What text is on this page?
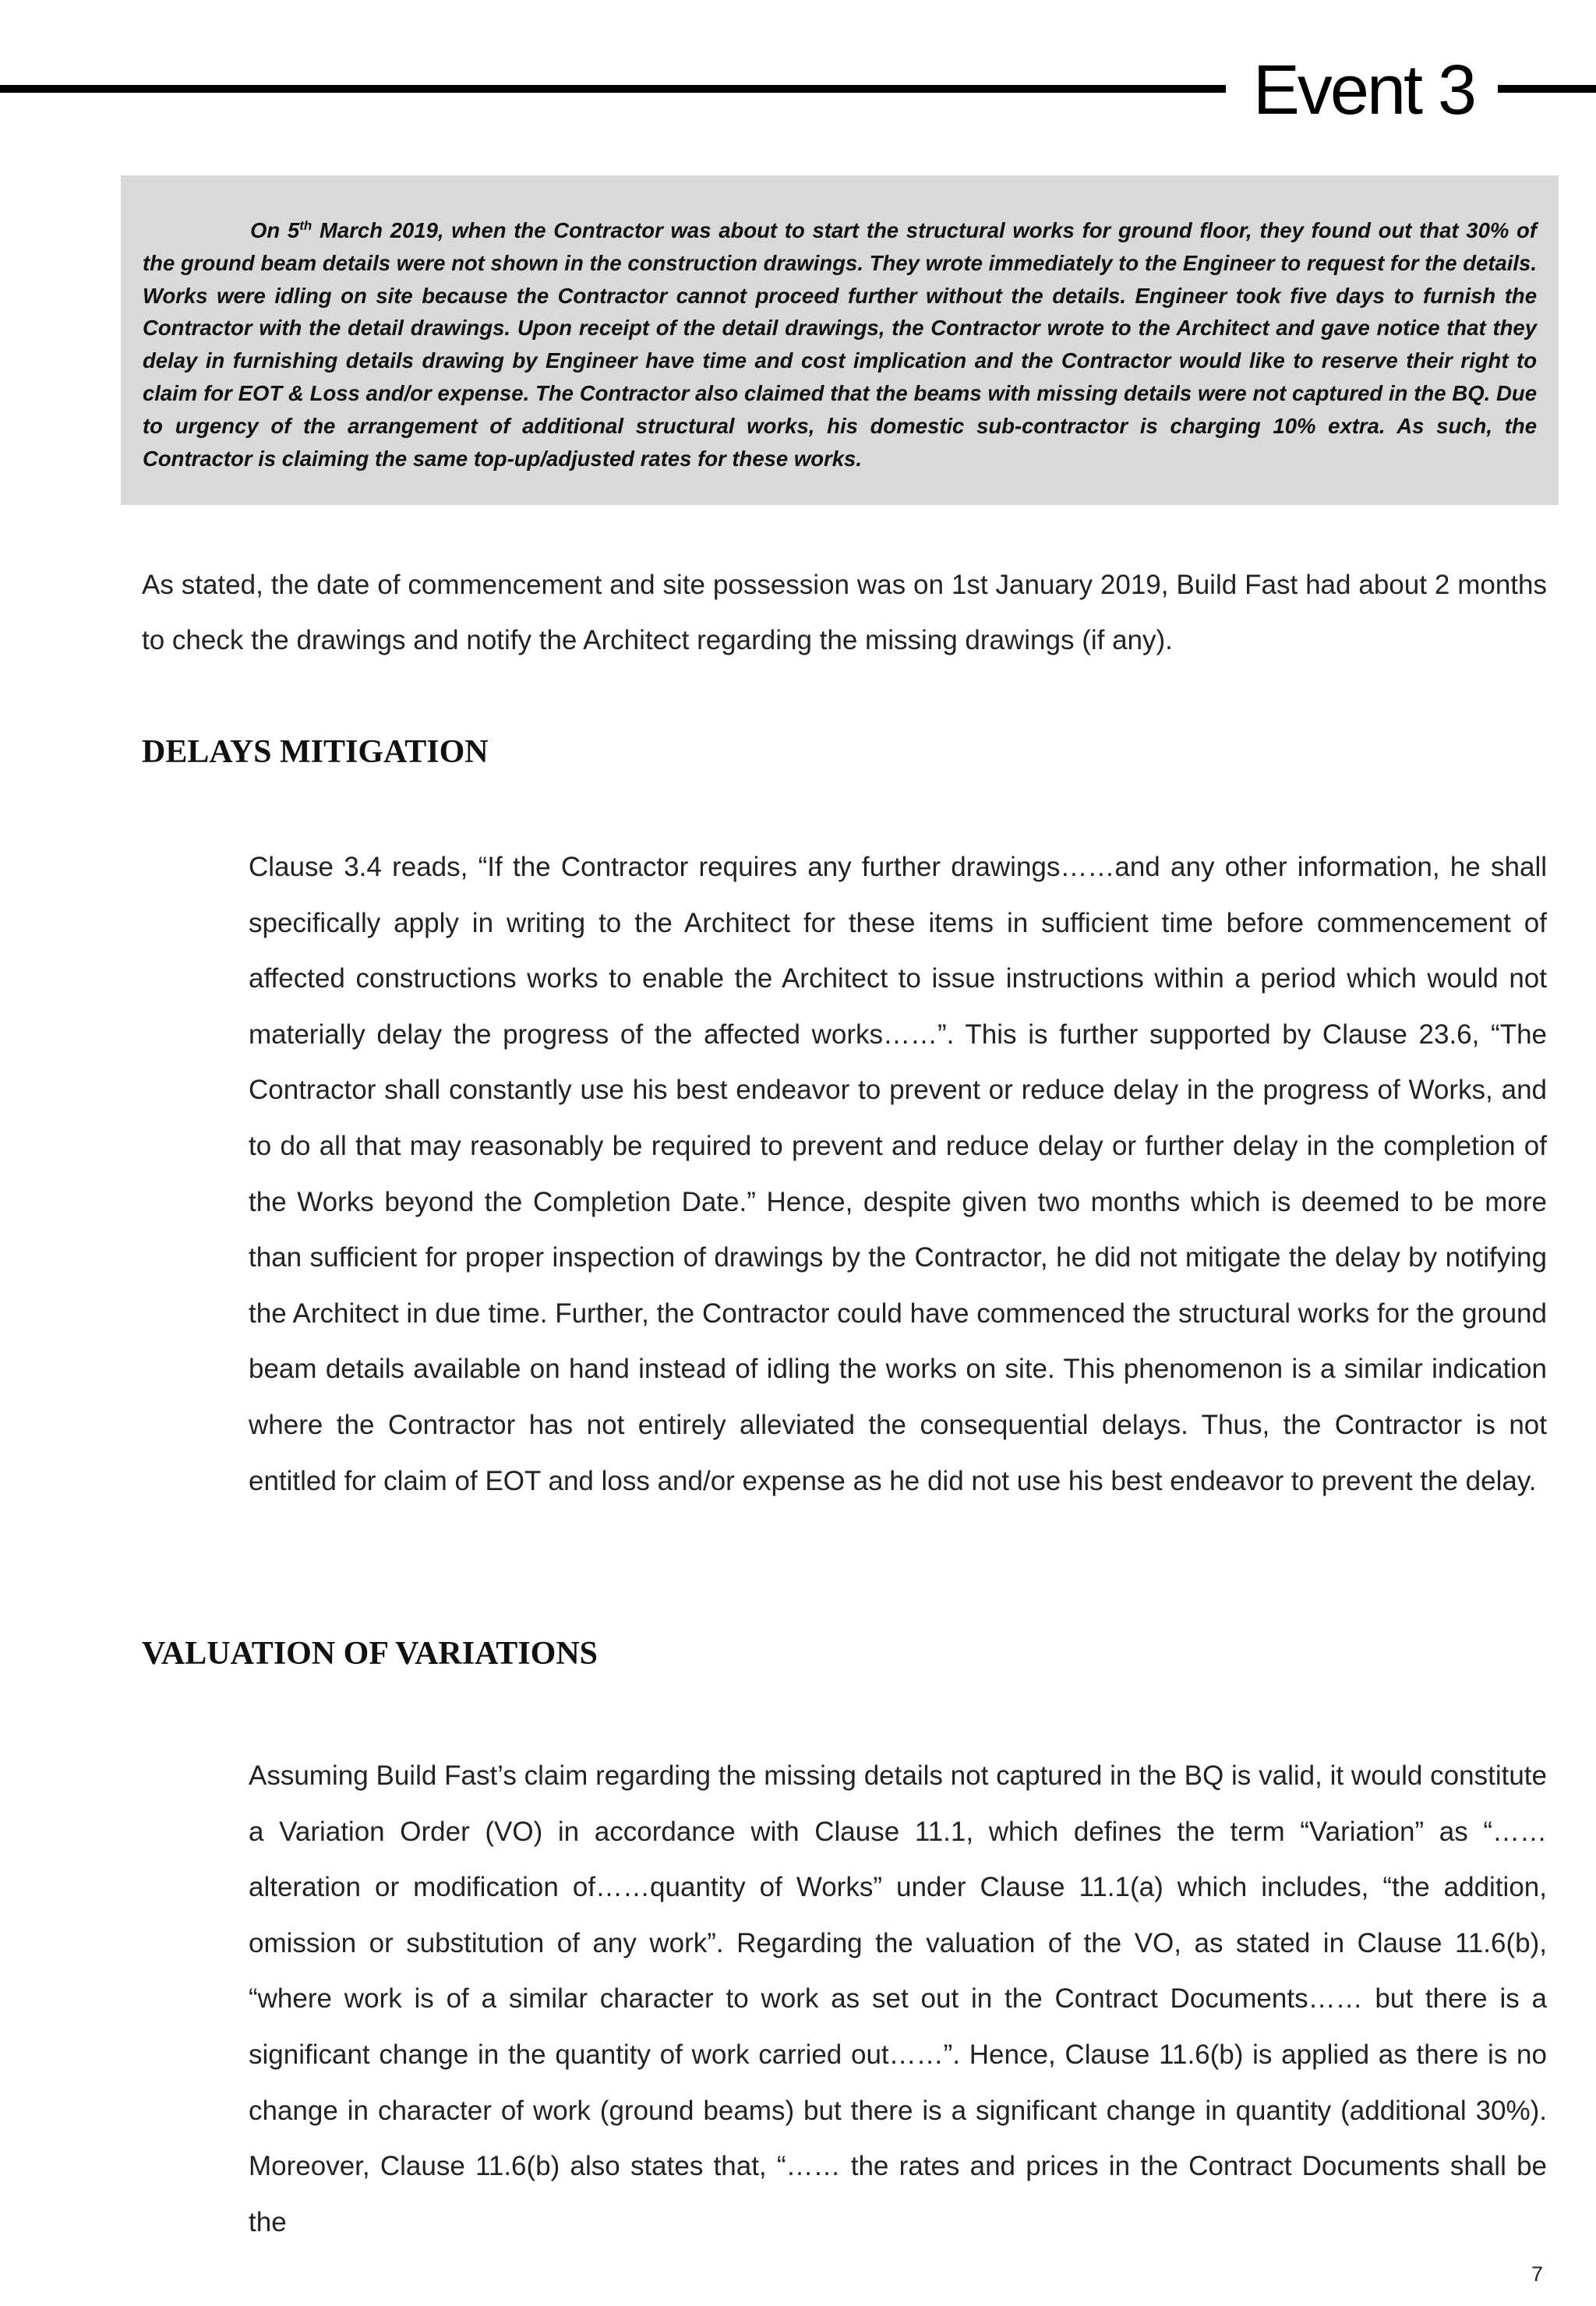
Event 3

On 5th March 2019, when the Contractor was about to start the structural works for ground floor, they found out that 30% of the ground beam details were not shown in the construction drawings. They wrote immediately to the Engineer to request for the details. Works were idling on site because the Contractor cannot proceed further without the details. Engineer took five days to furnish the Contractor with the detail drawings. Upon receipt of the detail drawings, the Contractor wrote to the Architect and gave notice that they delay in furnishing details drawing by Engineer have time and cost implication and the Contractor would like to reserve their right to claim for EOT & Loss and/or expense. The Contractor also claimed that the beams with missing details were not captured in the BQ. Due to urgency of the arrangement of additional structural works, his domestic sub-contractor is charging 10% extra. As such, the Contractor is claiming the same top-up/adjusted rates for these works.

As stated, the date of commencement and site possession was on 1st January 2019, Build Fast had about 2 months to check the drawings and notify the Architect regarding the missing drawings (if any).

DELAYS MITIGATION

Clause 3.4 reads, “If the Contractor requires any further drawings……and any other information, he shall specifically apply in writing to the Architect for these items in sufficient time before commencement of affected constructions works to enable the Architect to issue instructions within a period which would not materially delay the progress of the affected works……”. This is further supported by Clause 23.6, “The Contractor shall constantly use his best endeavor to prevent or reduce delay in the progress of Works, and to do all that may reasonably be required to prevent and reduce delay or further delay in the completion of the Works beyond the Completion Date.” Hence, despite given two months which is deemed to be more than sufficient for proper inspection of drawings by the Contractor, he did not mitigate the delay by notifying the Architect in due time. Further, the Contractor could have commenced the structural works for the ground beam details available on hand instead of idling the works on site. This phenomenon is a similar indication where the Contractor has not entirely alleviated the consequential delays. Thus, the Contractor is not entitled for claim of EOT and loss and/or expense as he did not use his best endeavor to prevent the delay.

VALUATION OF VARIATIONS

Assuming Build Fast’s claim regarding the missing details not captured in the BQ is valid, it would constitute a Variation Order (VO) in accordance with Clause 11.1, which defines the term “Variation” as “…… alteration or modification of……quantity of Works” under Clause 11.1(a) which includes, “the addition, omission or substitution of any work”. Regarding the valuation of the VO, as stated in Clause 11.6(b), “where work is of a similar character to work as set out in the Contract Documents…… but there is a significant change in the quantity of work carried out……”. Hence, Clause 11.6(b) is applied as there is no change in character of work (ground beams) but there is a significant change in quantity (additional 30%). Moreover, Clause 11.6(b) also states that, “…… the rates and prices in the Contract Documents shall be the

7
